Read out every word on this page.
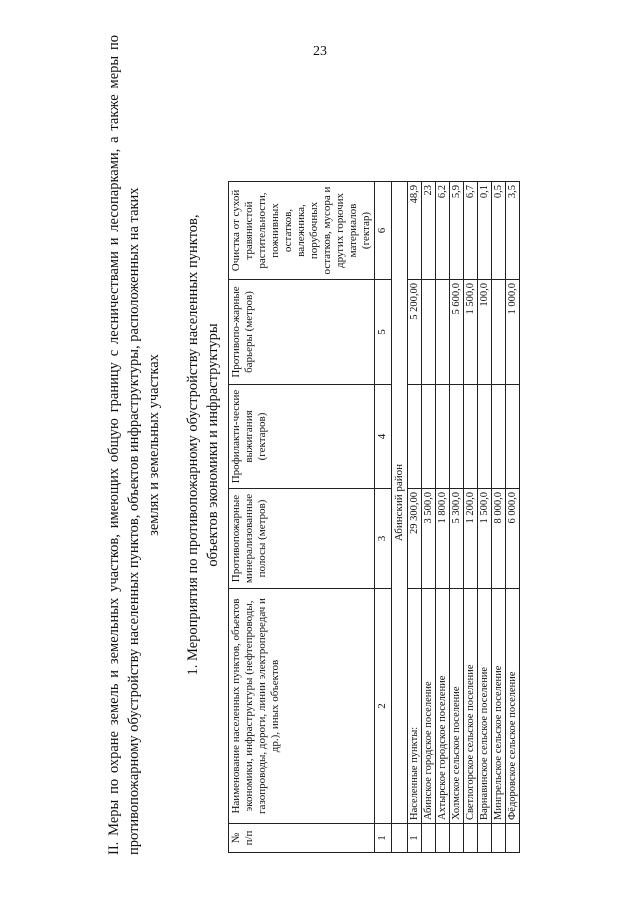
23
II. Меры по охране земель и земельных участков, имеющих общую границу с лесничествами и лесопарками, а также меры по противопожарному обустройству населенных пунктов, объектов инфраструктуры, расположенных на таких землях и земельных участках 1. Мероприятия по противопожарному обустройству населенных пунктов, объектов экономики и инфраструктуры
№ п/п	Наименование населенных пунктов, объектов экономики, инфраструктуры (нефтепроводы, газопроводы, дороги, линии электропередач и др.), иных объектов	Противопожарные минерализованные полосы (метров)	Профилакти-ческие выжигания (гектаров)	Противопо-жарные барьеры (метров)	Очистка от сухой травянистой растительности, пожнивных остатков, валежника, порубочных остатков, мусора и других горючих материалов (гектар)
1	2	3	4	5	6
	Абинский район				
1	Населенные пункты:	29 300,00		5 200,00	48,9
	Абинское городское поселение	3 500,0			23
	Ахтырское городское поселение	1 800,0			6,2
	Холмское сельское поселение	5 300,0		5 600,0	5,9
	Светлогорское сельское поселение	1 200,0		1 500,0	6,7
	Варнавинское сельское поселение	1 500,0		100,0	0,1
	Мингрельское сельское поселение	8 000,0			0,5
	Фёдоровское сельское поселение	6 000,0		1 000,0	3,5
